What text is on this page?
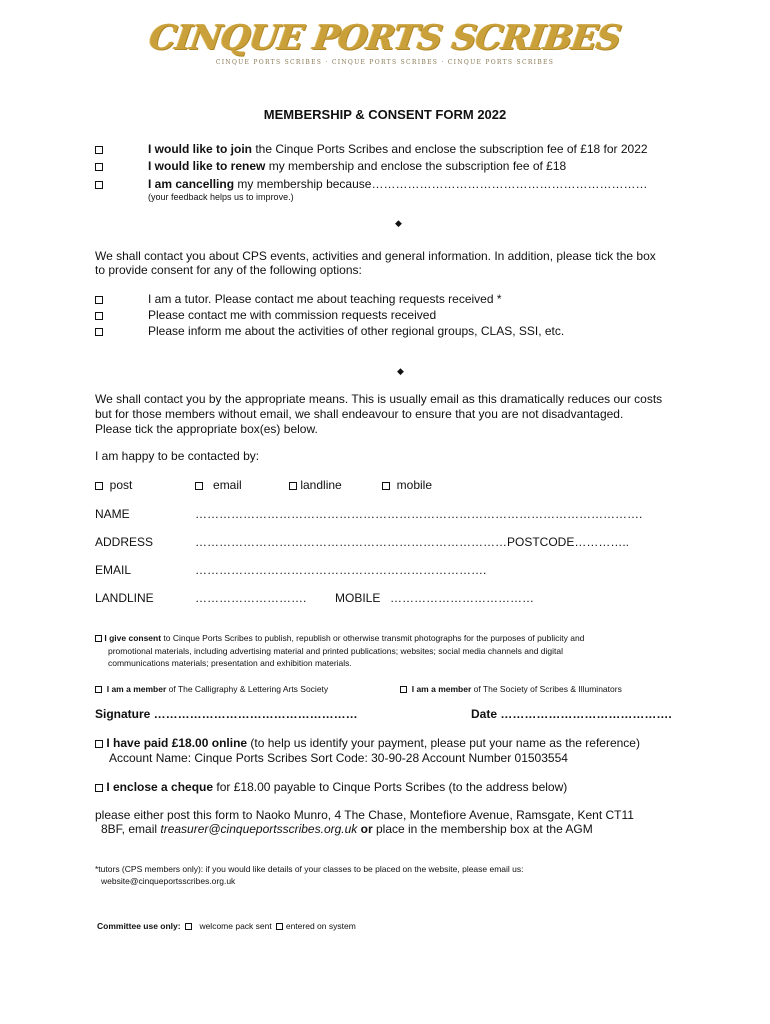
CINQUE PORTS SCRIBES
CINQUE PORTS SCRIBES · CINQUE PORTS SCRIBES · CINQUE PORTS SCRIBES
MEMBERSHIP & CONSENT FORM 2022
I would like to join the Cinque Ports Scribes and enclose the subscription fee of £18 for 2022
I would like to renew my membership and enclose the subscription fee of £18
I am cancelling my membership because……………………………………………………………
(your feedback helps us to improve.)
◆
We shall contact you about CPS events, activities and general information. In addition, please tick the box
to provide consent for any of the following options:
I am a tutor. Please contact me about teaching requests received *
Please contact me with commission requests received
Please inform me about the activities of other regional groups, CLAS, SSI, etc.
◆
We shall contact you by the appropriate means. This is usually email as this dramatically reduces our costs
but for those members without email, we shall endeavour to ensure that you are not disadvantaged.
Please tick the appropriate box(es) below.
I am happy to be contacted by:
post	email	landline	mobile
NAME	………………………………………………………………………………………………….
ADDRESS	……………………………………………………………………POSTCODE…………..
EMAIL	……………………………………………………………….
LANDLINE	………………………. MOBILE ………………………………
I give consent to Cinque Ports Scribes to publish, republish or otherwise transmit photographs for the purposes of publicity and
promotional materials, including advertising material and printed publications; websites; social media channels and digital
communications materials; presentation and exhibition materials.
I am a member of The Calligraphy & Lettering Arts Society	I am a member of The Society of Scribes & Illuminators
Signature ……………………………………………	Date …………………………………….
I have paid £18.00 online (to help us identify your payment, please put your name as the reference)
Account Name: Cinque Ports Scribes Sort Code: 30-90-28 Account Number 01503554
I enclose a cheque for £18.00 payable to Cinque Ports Scribes (to the address below)
please either post this form to Naoko Munro, 4 The Chase, Montefiore Avenue, Ramsgate, Kent CT11
8BF, email treasurer@cinqueportsscribes.org.uk or place in the membership box at the AGM
*tutors (CPS members only): if you would like details of your classes to be placed on the website, please email us:
website@cinqueportsscribes.org.uk
Committee use only: welcome pack sent entered on system
